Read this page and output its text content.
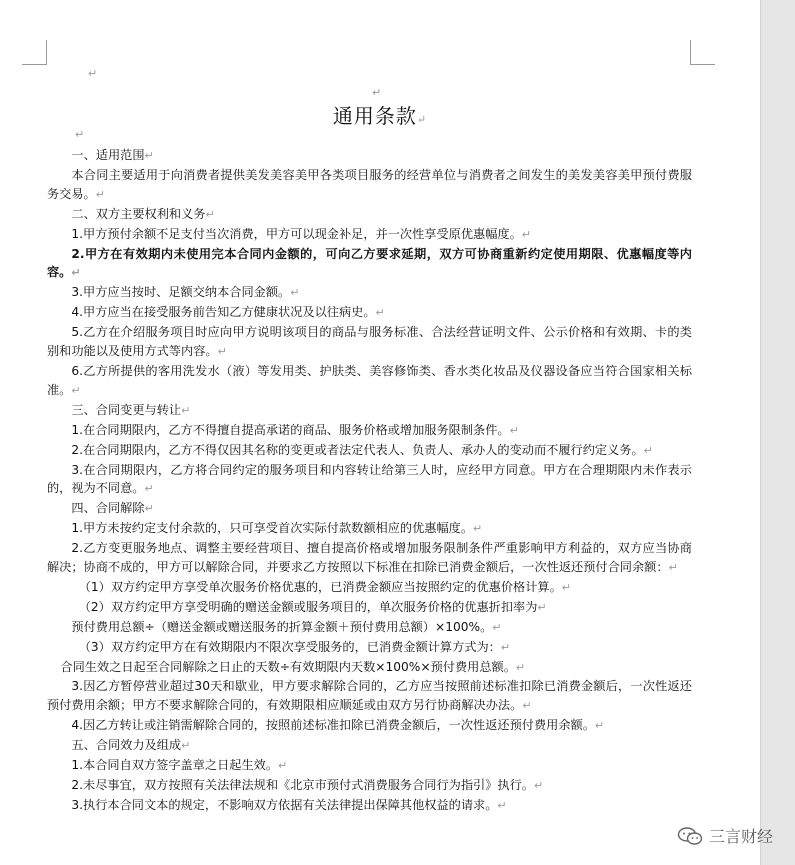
↵
↵
通用条款 ↵
↵

一、适用范围 ↵

本合同主要适用于向消费者提供美发美容美甲各类项目服务的经营单位与消费者之间发生的美发美容美甲预付费服务交易。 ↵

二、双方主要权利和义务 ↵

1.甲方预付余额不足支付当次消费，甲方可以现金补足，并一次性享受原优惠幅度。 ↵

2.甲方在有效期内未使用完本合同内金额的，可向乙方要求延期，双方可协商重新约定使用期限、优惠幅度等内容。 ↵

3.甲方应当按时、足额交纳本合同金额。 ↵

4.甲方应当在接受服务前告知乙方健康状况及以往病史。 ↵

5.乙方在介绍服务项目时应向甲方说明该项目的商品与服务标准、合法经营证明文件、公示价格和有效期、卡的类别和功能以及使用方式等内容。 ↵

6.乙方所提供的客用洗发水（液）等发用类、护肤类、美容修饰类、香水类化妆品及仪器设备应当符合国家相关标准。 ↵

三、合同变更与转让 ↵

1.在合同期限内，乙方不得擅自提高承诺的商品、服务价格或增加服务限制条件。 ↵

2.在合同期限内，乙方不得仅因其名称的变更或者法定代表人、负责人、承办人的变动而不履行约定义务。 ↵

3.在合同期限内，乙方将合同约定的服务项目和内容转让给第三人时，应经甲方同意。甲方在合理期限内未作表示的，视为不同意。 ↵

四、合同解除 ↵

1.甲方未按约定支付余款的，只可享受首次实际付款数额相应的优惠幅度。 ↵

2.乙方变更服务地点、调整主要经营项目、擅自提高价格或增加服务限制条件严重影响甲方利益的，双方应当协商解决；协商不成的，甲方可以解除合同，并要求乙方按照以下标准在扣除已消费金额后，一次性返还预付合同余额： ↵

（1）双方约定甲方享受单次服务价格优惠的，已消费金额应当按照约定的优惠价格计算。 ↵

（2）双方约定甲方享受明确的赠送金额或服务项目的，单次服务价格的优惠折扣率为 ↵

预付费用总额÷（赠送金额或赠送服务的折算金额＋预付费用总额）×100%。 ↵

（3）双方约定甲方在有效期限内不限次享受服务的，已消费金额计算方式为： ↵

合同生效之日起至合同解除之日止的天数÷有效期限内天数×100%×预付费用总额。 ↵

3.因乙方暂停营业超过30天和歇业，甲方要求解除合同的，乙方应当按照前述标准扣除已消费金额后，一次性返还预付费用余额；甲方不要求解除合同的，有效期限相应顺延或由双方另行协商解决办法。 ↵

4.因乙方转让或注销需解除合同的，按照前述标准扣除已消费金额后，一次性返还预付费用余额。 ↵

五、合同效力及组成 ↵

1.本合同自双方签字盖章之日起生效。 ↵

2.未尽事宜，双方按照有关法律法规和《北京市预付式消费服务合同行为指引》执行。 ↵

3.执行本合同文本的规定，不影响双方依据有关法律提出保障其他权益的请求。 ↵

三言财经
